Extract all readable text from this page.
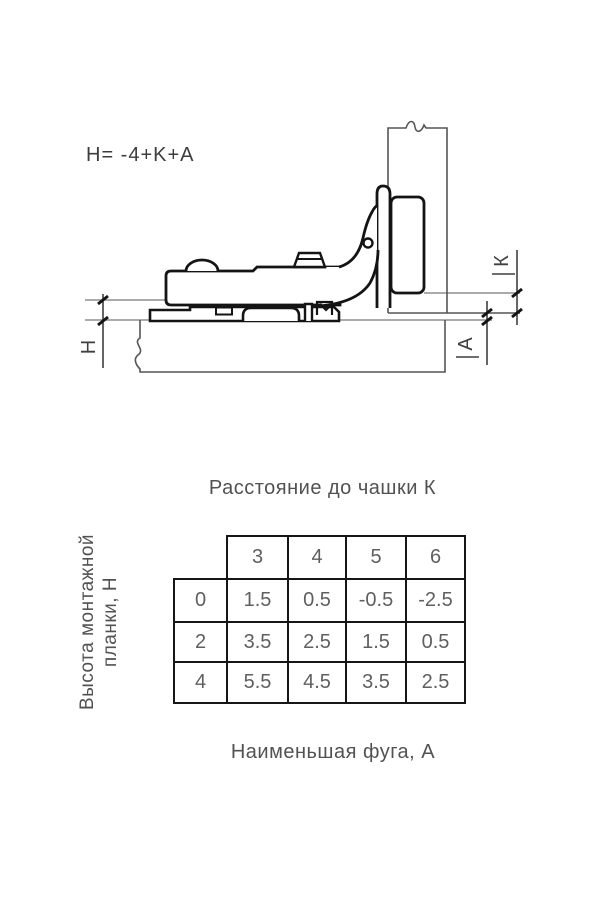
H= -4+K+A
Н
К
А
Расстояние до чашки К
Высота монтажной планки, Н
	3	4	5	6
0	1.5	0.5	-0.5	-2.5
2	3.5	2.5	1.5	0.5
4	5.5	4.5	3.5	2.5
Наименьшая фуга, А
